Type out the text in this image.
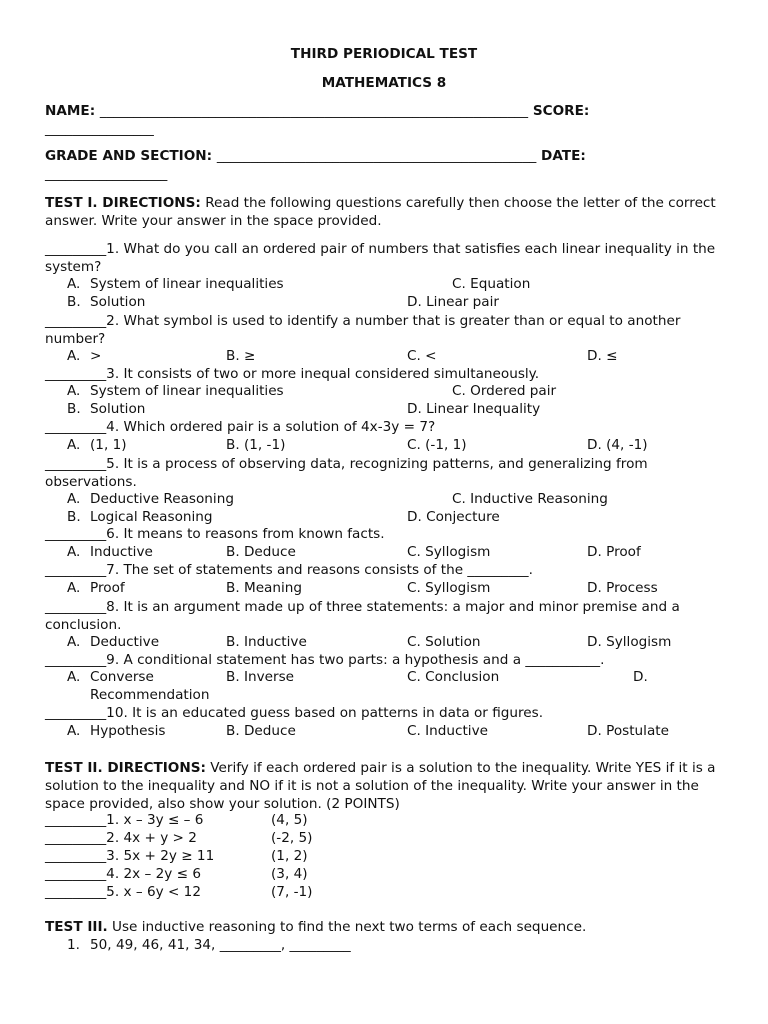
THIRD PERIODICAL TEST
MATHEMATICS 8
NAME: _______________________________________________________________ SCORE:
________________
GRADE AND SECTION: _______________________________________________ DATE:
__________________
TEST I. DIRECTIONS: Read the following questions carefully then choose the letter of the correct answer. Write your answer in the space provided.
_________1. What do you call an ordered pair of numbers that satisfies each linear inequality in the system?
A. System of linear inequalities	C. Equation
B. Solution	D. Linear pair
_________2. What symbol is used to identify a number that is greater than or equal to another number?
A. >	B. ≥	C. <	D. ≤
_________3. It consists of two or more inequal considered simultaneously.
A. System of linear inequalities	C. Ordered pair
B. Solution	D. Linear Inequality
_________4. Which ordered pair is a solution of 4x-3y = 7?
A. (1, 1)	B. (1, -1)	C. (-1, 1)	D. (4, -1)
_________5. It is a process of observing data, recognizing patterns, and generalizing from observations.
A. Deductive Reasoning	C. Inductive Reasoning
B. Logical Reasoning	D. Conjecture
_________6. It means to reasons from known facts.
A. Inductive	B. Deduce	C. Syllogism	D. Proof
_________7. The set of statements and reasons consists of the _________.
A. Proof	B. Meaning	C. Syllogism	D. Process
_________8. It is an argument made up of three statements: a major and minor premise and a conclusion.
A. Deductive	B. Inductive	C. Solution	D. Syllogism
_________9. A conditional statement has two parts: a hypothesis and a ___________.
A. Converse	B. Inverse	C. Conclusion	D.
Recommendation
_________10. It is an educated guess based on patterns in data or figures.
A. Hypothesis	B. Deduce	C. Inductive	D. Postulate
TEST II. DIRECTIONS: Verify if each ordered pair is a solution to the inequality. Write YES if it is a solution to the inequality and NO if it is not a solution of the inequality. Write your answer in the space provided, also show your solution. (2 POINTS)
_________1. x – 3y ≤ – 6	(4, 5)
_________2. 4x + y > 2	(-2, 5)
_________3. 5x + 2y ≥ 11	(1, 2)
_________4. 2x – 2y ≤ 6	(3, 4)
_________5. x – 6y < 12	(7, -1)
TEST III. Use inductive reasoning to find the next two terms of each sequence.
1. 50, 49, 46, 41, 34, _________, _________
